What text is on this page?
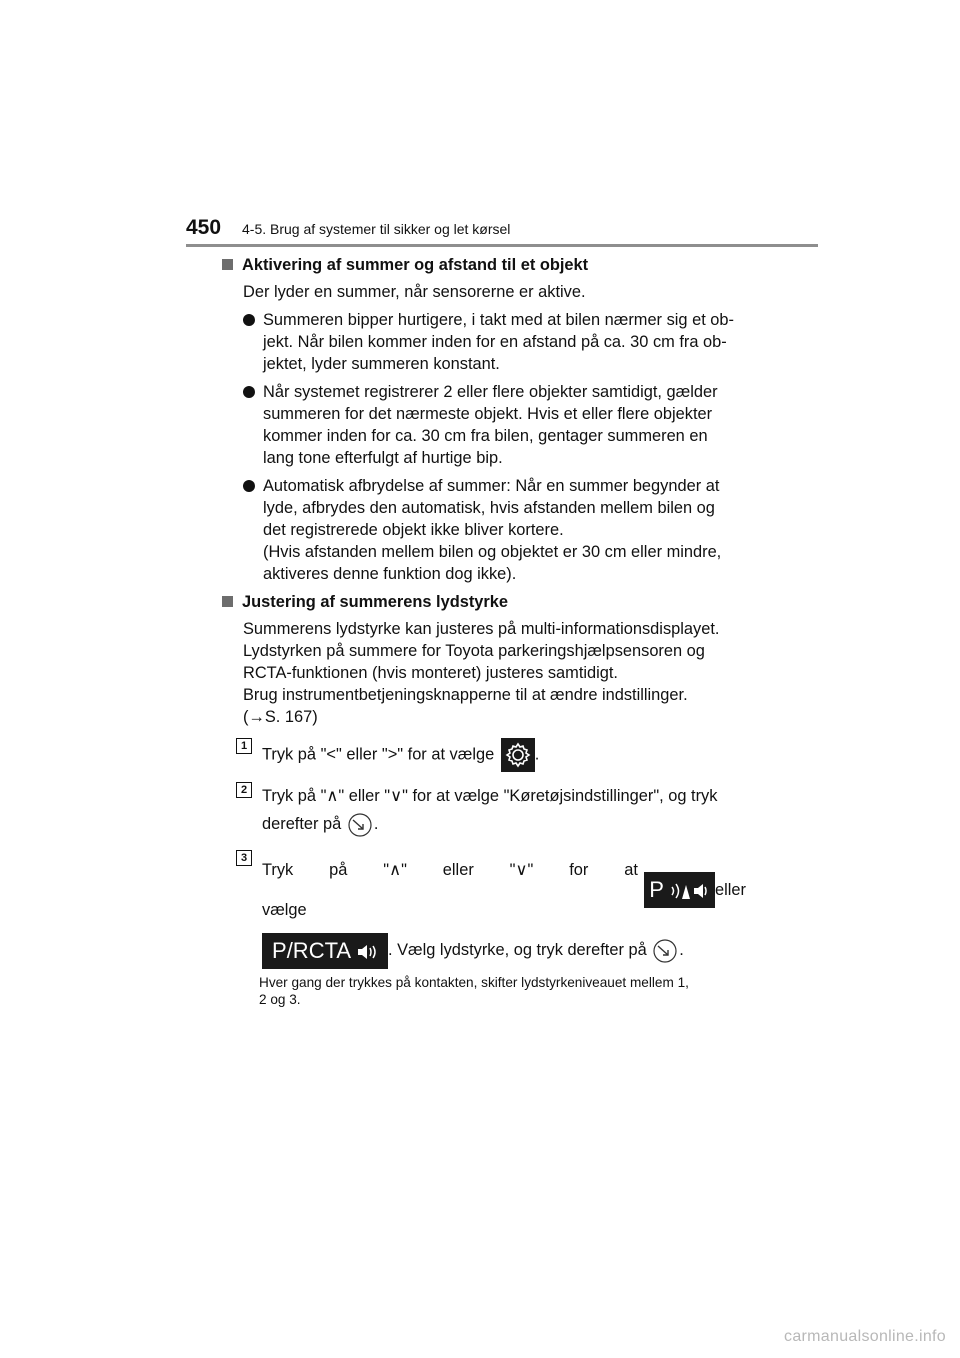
450 4-5. Brug af systemer til sikker og let kørsel
Aktivering af summer og afstand til et objekt
Der lyder en summer, når sensorerne er aktive.
Summeren bipper hurtigere, i takt med at bilen nærmer sig et ob-
jekt. Når bilen kommer inden for en afstand på ca. 30 cm fra ob-
jektet, lyder summeren konstant.
Når systemet registrerer 2 eller flere objekter samtidigt, gælder
summeren for det nærmeste objekt. Hvis et eller flere objekter
kommer inden for ca. 30 cm fra bilen, gentager summeren en
lang tone efterfulgt af hurtige bip.
Automatisk afbrydelse af summer: Når en summer begynder at
lyde, afbrydes den automatisk, hvis afstanden mellem bilen og
det registrerede objekt ikke bliver kortere.
(Hvis afstanden mellem bilen og objektet er 30 cm eller mindre,
aktiveres denne funktion dog ikke).
Justering af summerens lydstyrke
Summerens lydstyrke kan justeres på multi-informationsdisplayet.
Lydstyrken på summere for Toyota parkeringshjælpsensoren og
RCTA-funktionen (hvis monteret) justeres samtidigt.
Brug instrumentbetjeningsknapperne til at ændre indstillinger.
(→S. 167)
1 Tryk på "<" eller ">" for at vælge .
2 Tryk på "∧" eller "∨" for at vælge "Køretøjsindstillinger", og tryk
derefter på .
3
Tryk på "∧" eller "∨" for at vælge
P	eller
P/RCTA . Vælg lydstyrke, og tryk derefter på .
Hver gang der trykkes på kontakten, skifter lydstyrkeniveauet mellem 1,
2 og 3.
carmanualsonline.info
